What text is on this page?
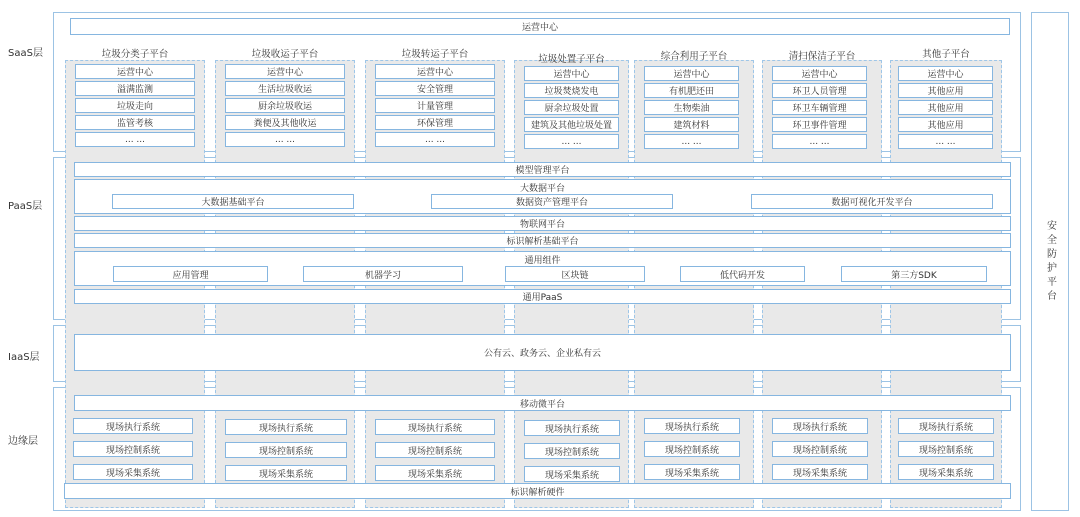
SaaS层
PaaS层
IaaS层
边缘层
安全防护平台
运营中心
垃圾分类子平台	垃圾收运子平台	垃圾转运子平台	垃圾处置子平台	综合利用子平台	清扫保洁子平台	其他子平台
运营中心
溢满监测
垃圾走向
监管考核
... ...
运营中心
生活垃圾收运
厨余垃圾收运
粪便及其他收运
... ...
运营中心
安全管理
计量管理
环保管理
... ...
运营中心
垃圾焚烧发电
厨余垃圾处置
建筑及其他垃圾处置
... ...
运营中心
有机肥还田
生物柴油
建筑材料
... ...
运营中心
环卫人员管理
环卫车辆管理
环卫事件管理
... ...
运营中心
其他应用
其他应用
其他应用
... ...
模型管理平台
大数据平台
大数据基础平台	数据资产管理平台	数据可视化开发平台
物联网平台
标识解析基础平台
通用组件
应用管理	机器学习	区块链	低代码开发	第三方SDK
通用PaaS
公有云、政务云、企业私有云
移动微平台
现场执行系统
现场控制系统
现场采集系统
现场执行系统
现场控制系统
现场采集系统
现场执行系统
现场控制系统
现场采集系统
现场执行系统
现场控制系统
现场采集系统
现场执行系统
现场控制系统
现场采集系统
现场执行系统
现场控制系统
现场采集系统
现场执行系统
现场控制系统
现场采集系统
标识解析硬件
